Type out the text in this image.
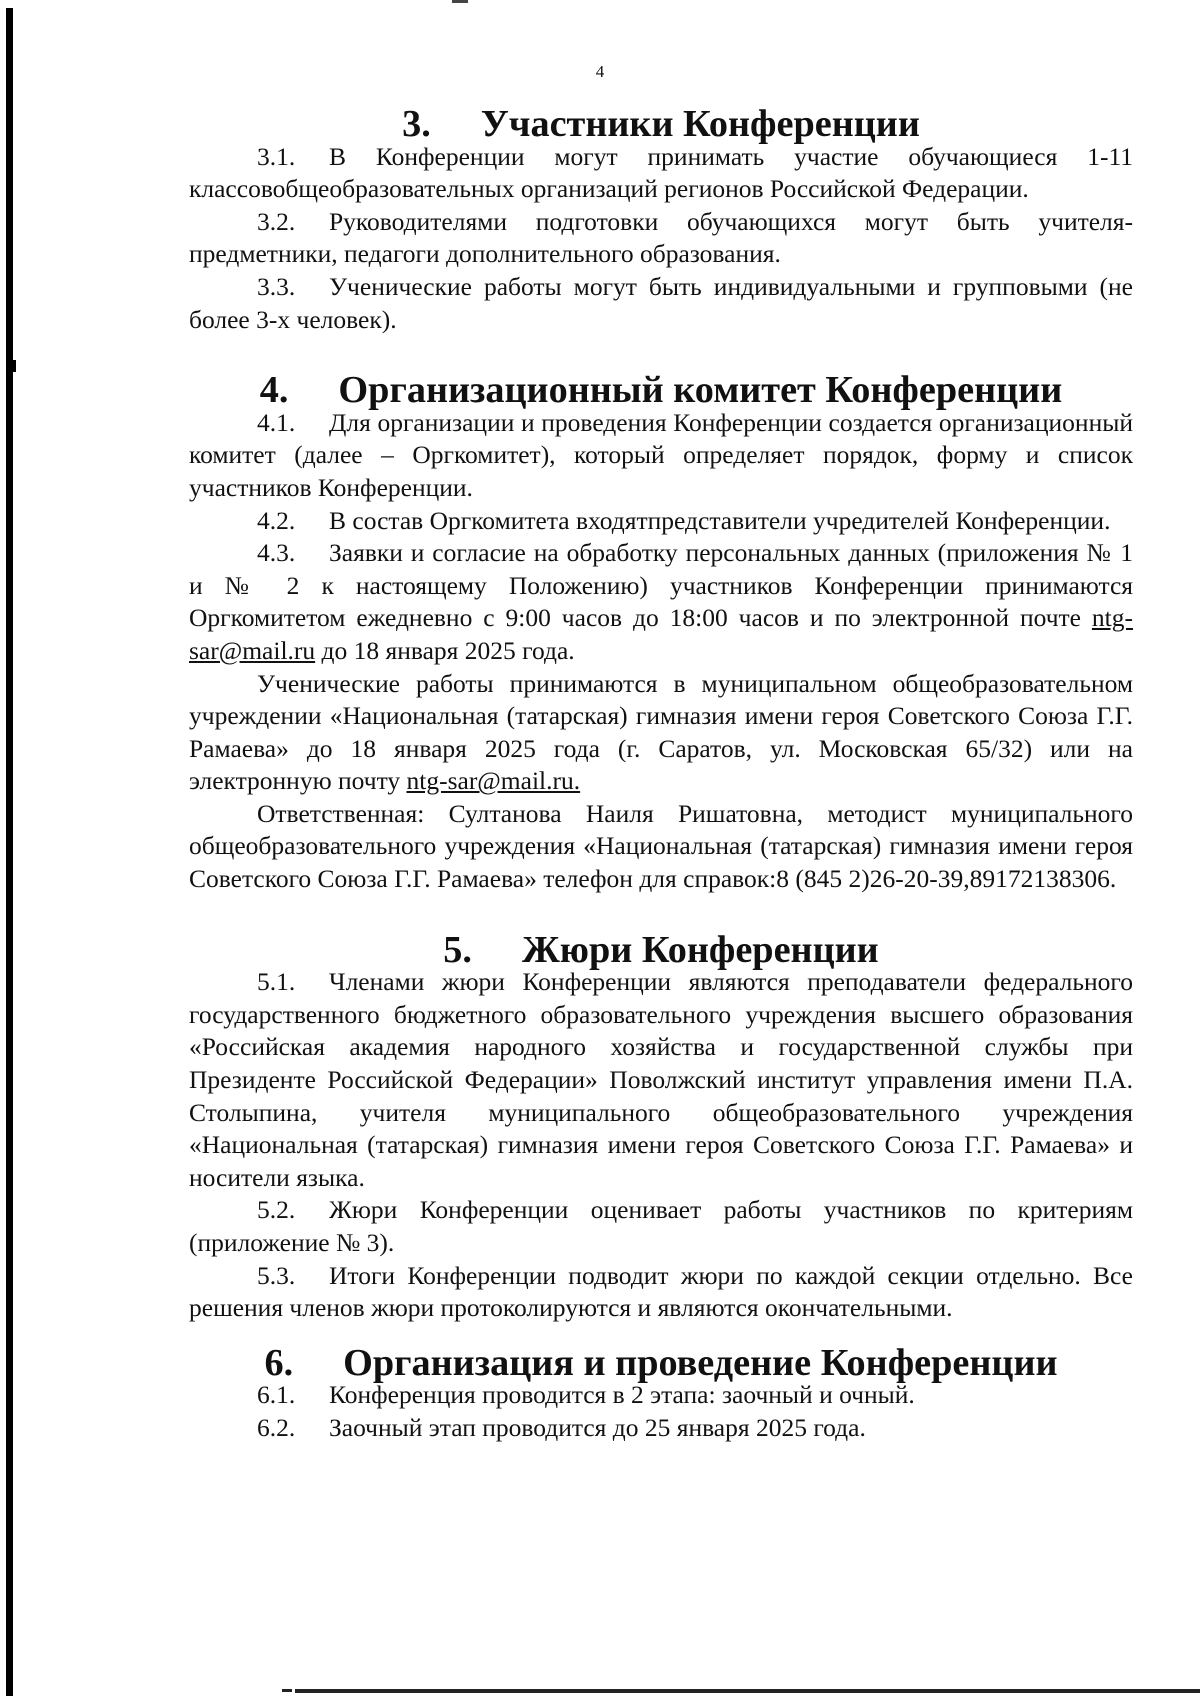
4
3. Участники Конференции

3.1. В Конференции могут принимать участие обучающиеся 1-11 классовобщеобразовательных организаций регионов Российской Федерации.

3.2. Руководителями подготовки обучающихся могут быть учителя-предметники, педагоги дополнительного образования.

3.3. Ученические работы могут быть индивидуальными и групповыми (не более 3-х человек).

4. Организационный комитет Конференции

4.1. Для организации и проведения Конференции создается организационный комитет (далее – Оргкомитет), который определяет порядок, форму и список участников Конференции.

4.2. В состав Оргкомитета входятпредставители учредителей Конференции.

4.3. Заявки и согласие на обработку персональных данных (приложения № 1 и № 2 к настоящему Положению) участников Конференции принимаются Оргкомитетом ежедневно с 9:00 часов до 18:00 часов и по электронной почте ntg-sar@mail.ru до 18 января 2025 года.

Ученические работы принимаются в муниципальном общеобразовательном учреждении «Национальная (татарская) гимназия имени героя Советского Союза Г.Г. Рамаева» до 18 января 2025 года (г. Саратов, ул. Московская 65/32) или на электронную почту ntg-sar@mail.ru.

Ответственная: Султанова Наиля Ришатовна, методист муниципального общеобразовательного учреждения «Национальная (татарская) гимназия имени героя Советского Союза Г.Г. Рамаева» телефон для справок:8 (845 2)26-20-39,89172138306.

5. Жюри Конференции

5.1. Членами жюри Конференции являются преподаватели федерального государственного бюджетного образовательного учреждения высшего образования «Российская академия народного хозяйства и государственной службы при Президенте Российской Федерации» Поволжский институт управления имени П.А. Столыпина, учителя муниципального общеобразовательного учреждения «Национальная (татарская) гимназия имени героя Советского Союза Г.Г. Рамаева» и носители языка.

5.2. Жюри Конференции оценивает работы участников по критериям (приложение № 3).

5.3. Итоги Конференции подводит жюри по каждой секции отдельно. Все решения членов жюри протоколируются и являются окончательными.

6. Организация и проведение Конференции

6.1. Конференция проводится в 2 этапа: заочный и очный.

6.2. Заочный этап проводится до 25 января 2025 года.
